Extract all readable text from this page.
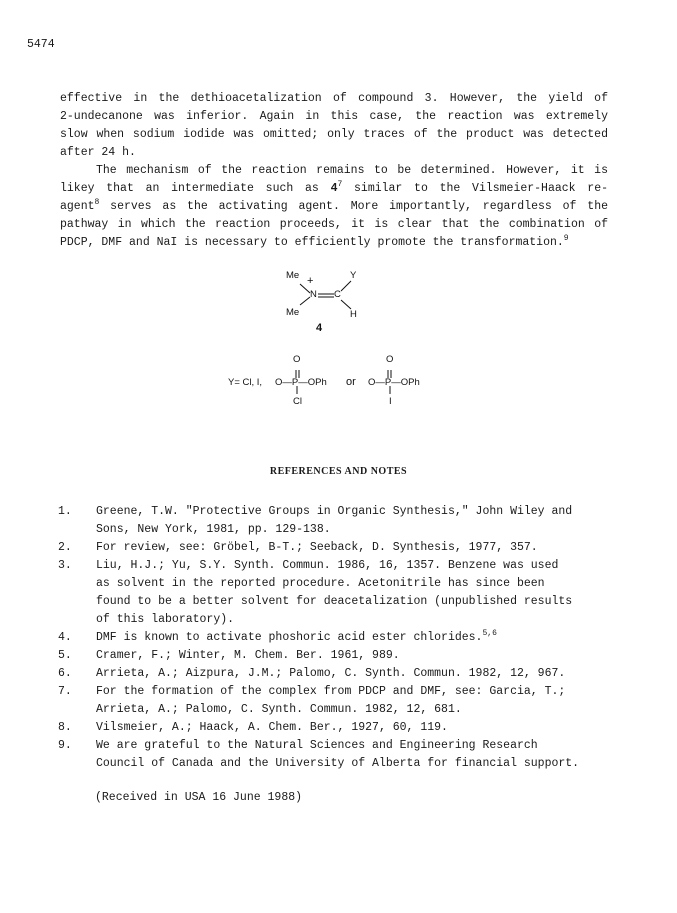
5474
effective in the dethioacetalization of compound 3. However, the yield of
2-undecanone was inferior. Again in this case, the reaction was extremely
slow when sodium iodide was omitted; only traces of the product was detected
after 24 h.
The mechanism of the reaction remains to be determined. However, it is
likey that an intermediate such as $4^7$ similar to the Vilsmeier-Haack re-
agent$^8$ serves as the activating agent. More importantly, regardless of the
pathway in which the reaction proceeds, it is clear that the combination of
PDCP, DMF and NaI is necessary to efficiently promote the transformation.$^9$
Me +	Y
N C
Me	H
4
O	O
Y= Cl, I, O—P—OPh or O—P—OPh
Cl	I
REFERENCES AND NOTES
1.	Greene, T.W. "Protective Groups in Organic Synthesis," John Wiley and
Sons, New York, 1981, pp. 129-138.
2.	For review, see: Gröbel, B-T.; Seeback, D. Synthesis, 1977, 357.
3.	Liu, H.J.; Yu, S.Y. Synth. Commun. 1986, 16, 1357. Benzene was used
as solvent in the reported procedure. Acetonitrile has since been
found to be a better solvent for deacetalization (unpublished results
of this laboratory).
4.	DMF is known to activate phoshoric acid ester chlorides.$^{5,6}$
5.	Cramer, F.; Winter, M. Chem. Ber. 1961, 989.
6.	Arrieta, A.; Aizpura, J.M.; Palomo, C. Synth. Commun. 1982, 12, 967.
7.	For the formation of the complex from PDCP and DMF, see: Garcia, T.;
Arrieta, A.; Palomo, C. Synth. Commun. 1982, 12, 681.
8.	Vilsmeier, A.; Haack, A. Chem. Ber., 1927, 60, 119.
9.	We are grateful to the Natural Sciences and Engineering Research
Council of Canada and the University of Alberta for financial support.
(Received in USA 16 June 1988)
